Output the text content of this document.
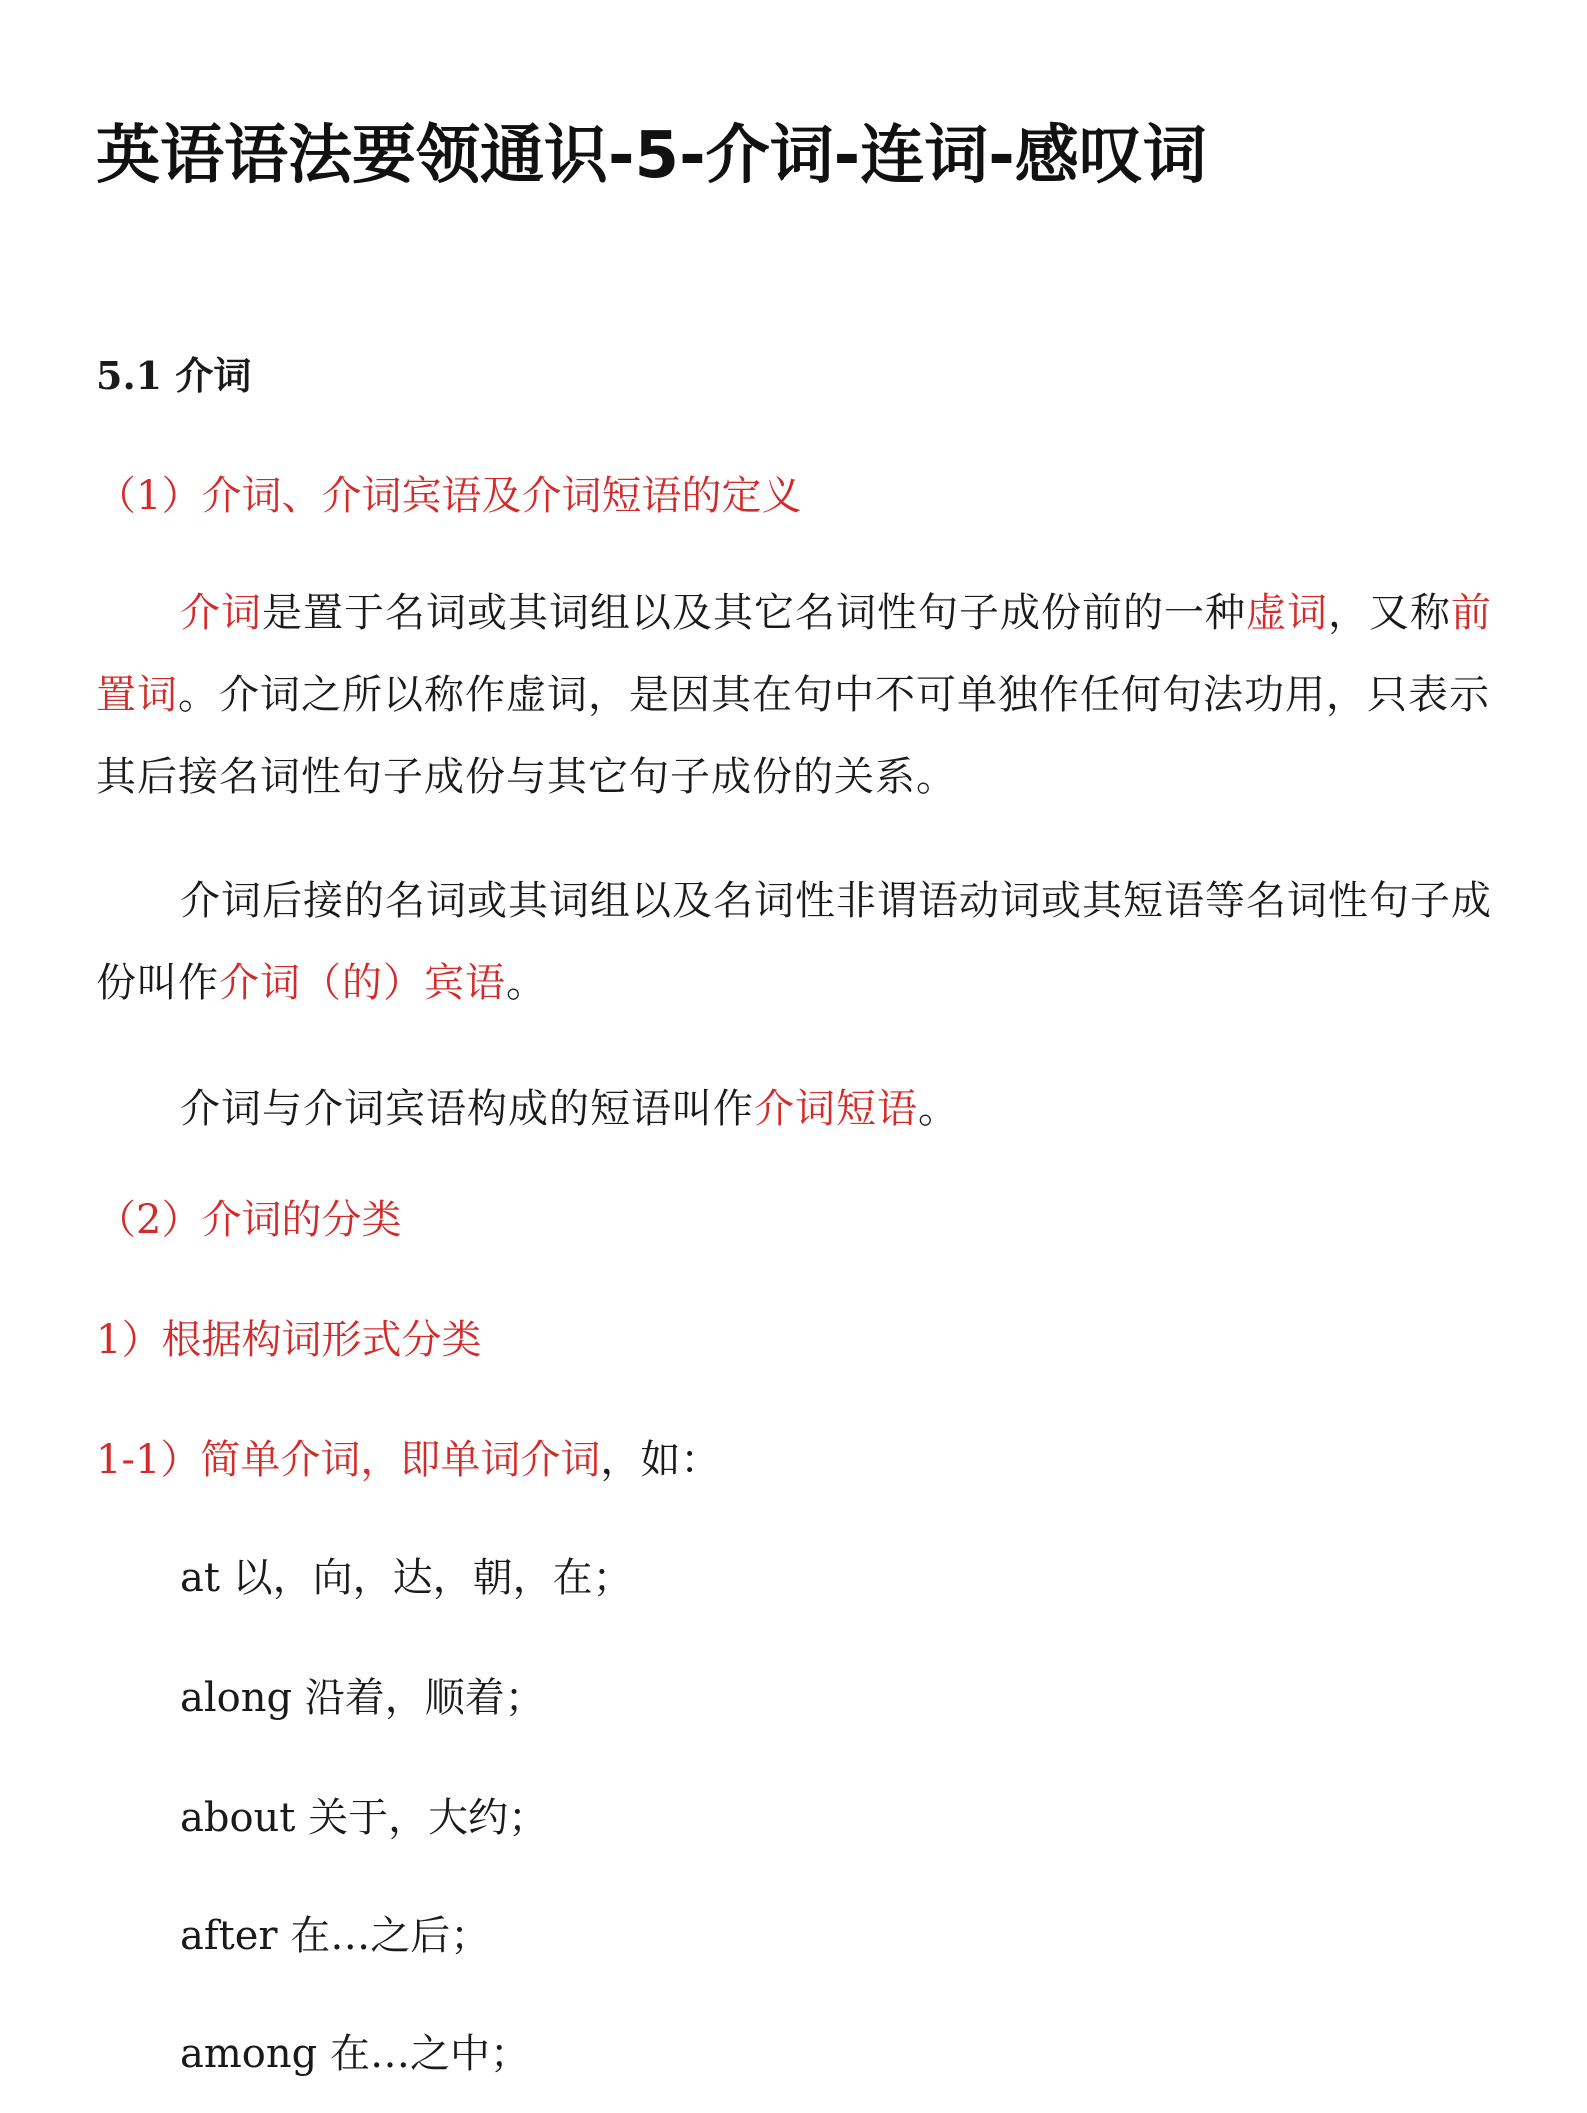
英语语法要领通识-5-介词-连词-感叹词
5.1 介词
（1）介词、介词宾语及介词短语的定义

介词是置于名词或其词组以及其它名词性句子成份前的一种虚词，又称前置词。介词之所以称作虚词，是因其在句中不可单独作任何句法功用，只表示其后接名词性句子成份与其它句子成份的关系。

介词后接的名词或其词组以及名词性非谓语动词或其短语等名词性句子成份叫作介词（的）宾语。

介词与介词宾语构成的短语叫作介词短语。

（2）介词的分类
1）根据构词形式分类

1-1）简单介词，即单词介词，如：

at 以，向，达，朝，在；

along 沿着，顺着；

about 关于，大约；

after 在…之后；

among 在…之中；
